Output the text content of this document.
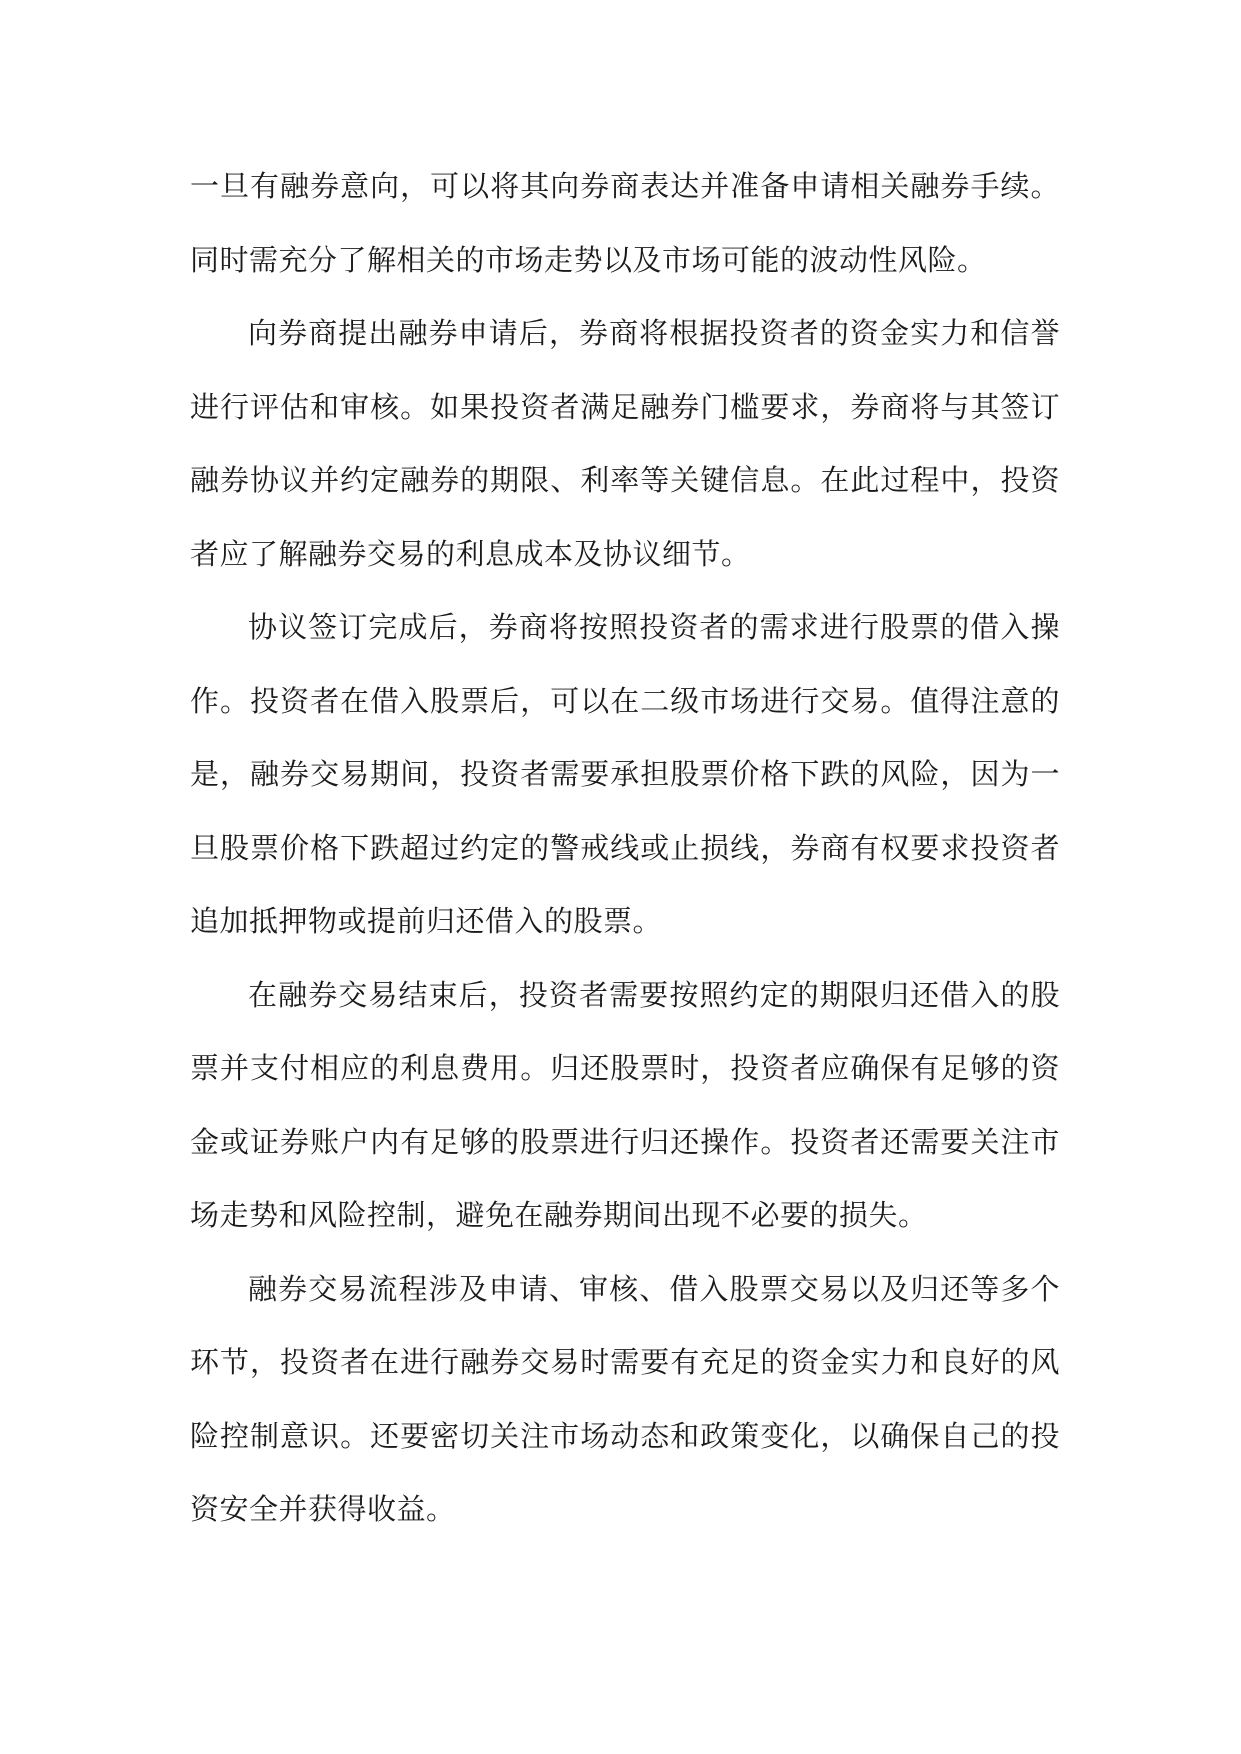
一旦有融券意向，可以将其向券商表达并准备申请相关融券手续。同时需充分了解相关的市场走势以及市场可能的波动性风险。

向券商提出融券申请后，券商将根据投资者的资金实力和信誉进行评估和审核。如果投资者满足融券门槛要求，券商将与其签订融券协议并约定融券的期限、利率等关键信息。在此过程中，投资者应了解融券交易的利息成本及协议细节。

协议签订完成后，券商将按照投资者的需求进行股票的借入操作。投资者在借入股票后，可以在二级市场进行交易。值得注意的是，融券交易期间，投资者需要承担股票价格下跌的风险，因为一旦股票价格下跌超过约定的警戒线或止损线，券商有权要求投资者追加抵押物或提前归还借入的股票。

在融券交易结束后，投资者需要按照约定的期限归还借入的股票并支付相应的利息费用。归还股票时，投资者应确保有足够的资金或证券账户内有足够的股票进行归还操作。投资者还需要关注市场走势和风险控制，避免在融券期间出现不必要的损失。

融券交易流程涉及申请、审核、借入股票交易以及归还等多个环节，投资者在进行融券交易时需要有充足的资金实力和良好的风险控制意识。还要密切关注市场动态和政策变化，以确保自己的投资安全并获得收益。
